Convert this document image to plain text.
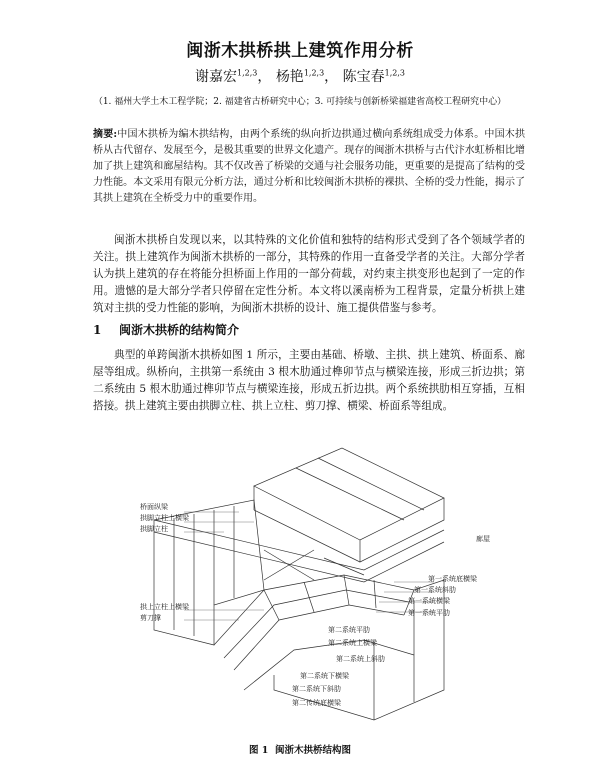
闽浙木拱桥拱上建筑作用分析
谢嘉宏$^{1,2,3}$， 杨艳$^{1,2,3}$， 陈宝春$^{1,2,3}$
（1. 福州大学土木工程学院；2. 福建省古桥研究中心；3. 可持续与创新桥梁福建省高校工程研究中心）
摘要:中国木拱桥为编木拱结构，由两个系统的纵向折边拱通过横向系统组成受力体系。中国木拱桥从古代留存、发展至今，是极其重要的世界文化遗产。现存的闽浙木拱桥与古代汴水虹桥相比增加了拱上建筑和廊屋结构。其不仅改善了桥梁的交通与社会服务功能，更重要的是提高了结构的受力性能。本文采用有限元分析方法，通过分析和比较闽浙木拱桥的裸拱、全桥的受力性能，揭示了其拱上建筑在全桥受力中的重要作用。

闽浙木拱桥自发现以来，以其特殊的文化价值和独特的结构形式受到了各个领域学者的关注。拱上建筑作为闽浙木拱桥的一部分，其特殊的作用一直备受学者的关注。大部分学者认为拱上建筑的存在将能分担桥面上作用的一部分荷载，对约束主拱变形也起到了一定的作用。遗憾的是大部分学者只停留在定性分析。本文将以溪南桥为工程背景，定量分析拱上建筑对主拱的受力性能的影响，为闽浙木拱桥的设计、施工提供借鉴与参考。

1 闽浙木拱桥的结构简介

典型的单跨闽浙木拱桥如图 1 所示，主要由基础、桥墩、主拱、拱上建筑、桥面系、廊屋等组成。纵桥向，主拱第一系统由 3 根木肋通过榫卯节点与横梁连接，形成三折边拱；第二系统由 5 根木肋通过榫卯节点与横梁连接，形成五折边拱。两个系统拱肋相互穿插，互相搭接。拱上建筑主要由拱脚立柱、拱上立柱、剪刀撑、横梁、桥面系等组成。

桥面纵梁
拱脚立柱上横梁
拱脚立柱
拱上立柱上横梁
剪刀撑
廊屋
第一系统底横梁
第一系统斜肋
第一系统横梁
第一系统平肋
第二系统平肋
第二系统上横梁
第二系统上斜肋
第二系统下横梁
第二系统下斜肋
第二传统底横梁
图 1 闽浙木拱桥结构图
